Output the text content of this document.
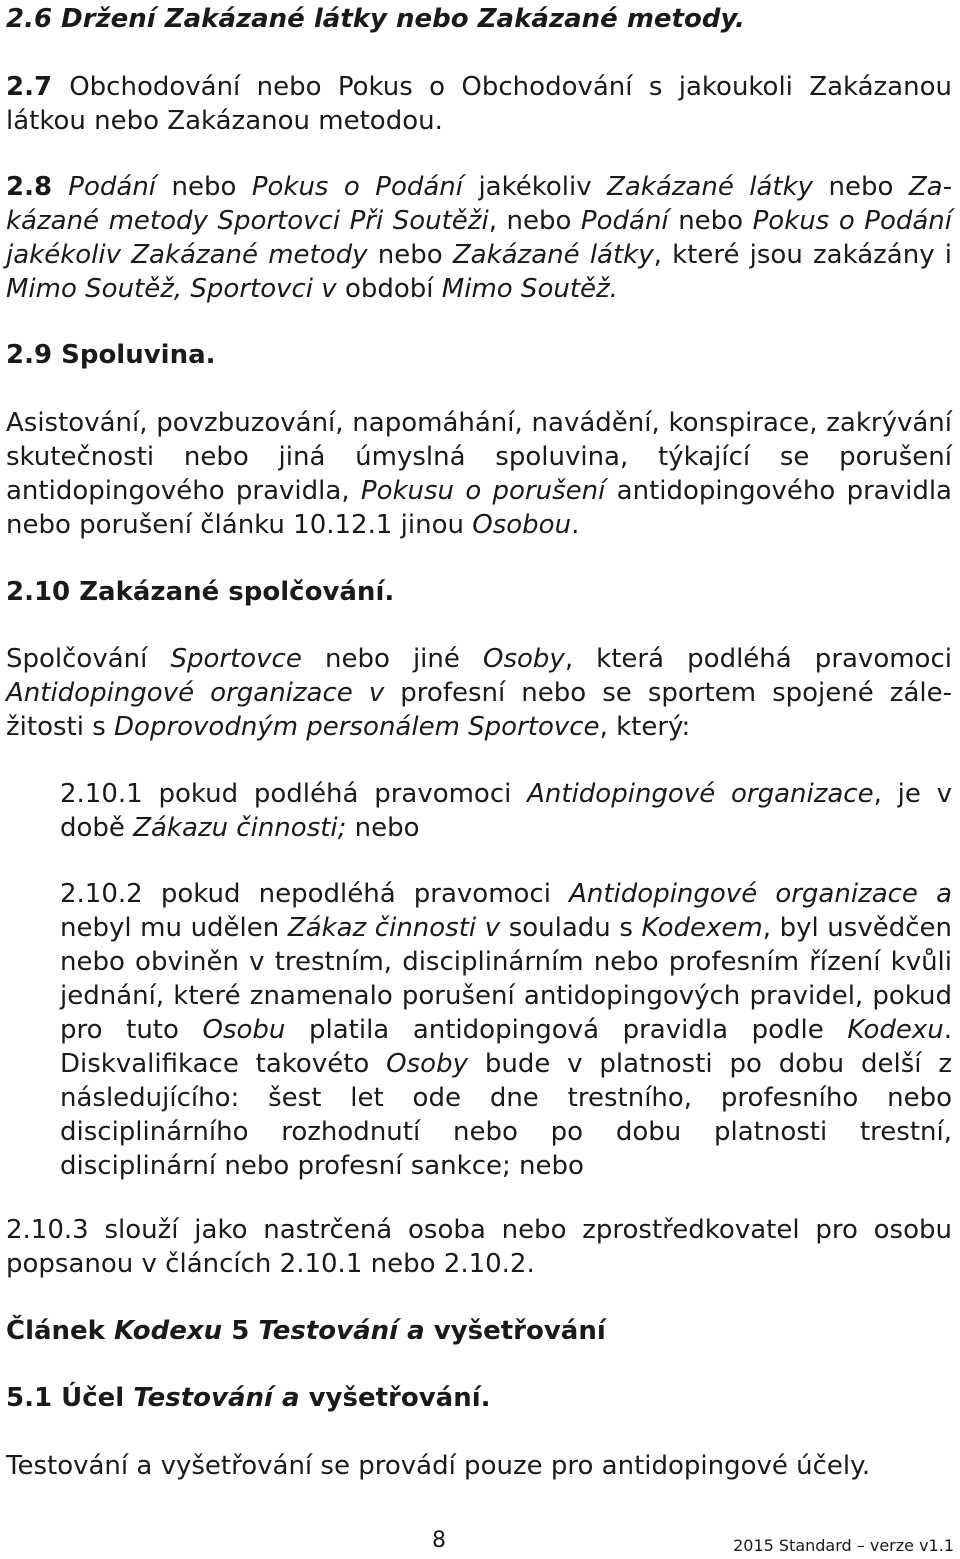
2.6 Držení Zakázané látky nebo Zakázané metody.

2.7 Obchodování nebo Pokus o Obchodování s jakoukoli Zakázanou látkou nebo Zakázanou metodou.

2.8 Podání nebo Pokus o Podání jakékoliv Zakázané látky nebo Zakázané metody Sportovci Při Soutěži, nebo Podání nebo Pokus o Podání jakékoliv Zakázané metody nebo Zakázané látky, které jsou zakázány i Mimo Soutěž, Sportovci v období Mimo Soutěž.

2.9 Spoluvina.

Asistování, povzbuzování, napomáhání, navádění, konspirace, zakrývání skutečnosti nebo jiná úmyslná spoluvina, týkající se porušení antidopingového pravidla, Pokusu o porušení antidopingového pravidla nebo porušení článku 10.12.1 jinou Osobou.

2.10 Zakázané spolčování.

Spolčování Sportovce nebo jiné Osoby, která podléhá pravomoci Antidopingové organizace v profesní nebo se sportem spojené záležitosti s Doprovodným personálem Sportovce, který:

2.10.1 pokud podléhá pravomoci Antidopingové organizace, je v době Zákazu činnosti; nebo

2.10.2 pokud nepodléhá pravomoci Antidopingové organizace a nebyl mu udělen Zákaz činnosti v souladu s Kodexem, byl usvědčen nebo obviněn v trestním, disciplinárním nebo profesním řízení kvůli jednání, které znamenalo porušení antidopingových pravidel, pokud pro tuto Osobu platila antidopingová pravidla podle Kodexu. Diskvalifikace takovéto Osoby bude v platnosti po dobu delší z následujícího: šest let ode dne trestního, profesního nebo disciplinárního rozhodnutí nebo po dobu platnosti trestní, disciplinární nebo profesní sankce; nebo

2.10.3 slouží jako nastrčená osoba nebo zprostředkovatel pro osobu popsanou v článcích 2.10.1 nebo 2.10.2.

Článek Kodexu 5 Testování a vyšetřování

5.1 Účel Testování a vyšetřování.

Testování a vyšetřování se provádí pouze pro antidopingové účely.

8	2015 Standard – verze v1.1
